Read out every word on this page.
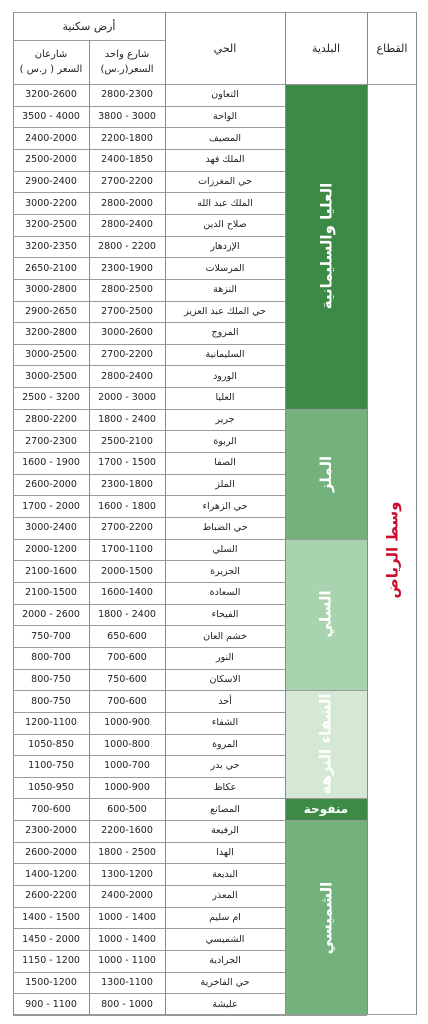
القطاع
البلدية
الحي
أرض سكنية
شارع واحد
السعر(ر.س)
شارعان
السعر ( ر.س )
العليا والسليمانية
الملز
السلي
الشفاء النزهة
منفوحة
الشميسي
التعاون
2800-2300
3200-2600
الواحة
3000 - 3800
4000 - 3500
المصيف
2200-1800
2400-2000
الملك فهد
2400-1850
2500-2000
حي المغرزات
2700-2200
2900-2400
الملك عبد الله
2800-2000
3000-2200
صلاح الدين
2800-2400
3200-2500
الإزدهار
2200 - 2800
3200-2350
المرسلات
2300-1900
2650-2100
النزهة
2800-2500
3000-2800
حي الملك عبد العزيز
2700-2500
2900-2650
المروج
3000-2600
3200-2800
السليمانية
2700-2200
3000-2500
الورود
2800-2400
3000-2500
العليا
3000 - 2000
3200 - 2500
جرير
2400 - 1800
2800-2200
الربوة
2500-2100
2700-2300
الصفا
1500 - 1700
1900 - 1600
الملز
2300-1800
2600-2000
حي الزهراء
1800 - 1600
2000 - 1700
حي الضباط
2700-2200
3000-2400
السلي
1700-1100
2000-1200
الجزيرة
2000-1500
2100-1600
السعادة
1600-1400
2100-1500
الفيحاء
2400 - 1800
2600 - 2000
خشم العان
650-600
750-700
النور
700-600
800-700
الاسكان
750-600
800-750
أحد
700-600
800-750
الشفاء
1000-900
1200-1100
المروة
1000-800
1050-850
حي بدر
1000-700
1100-750
عكاظ
1000-900
1050-950
المصانع
600-500
700-600
الرفيعة
2200-1600
2300-2000
الهدا
2500 - 1800
2600-2000
البديعة
1300-1200
1400-1200
المعذر
2400-2000
2600-2200
ام سليم
1400 - 1000
1500 - 1400
الشميسي
1400 - 1000
2000 - 1450
الجرادية
1100 - 1000
1200 - 1150
حي الفاخرية
1300-1100
1500-1200
عليشة
1000 - 800
1100 - 900
وسط الرياض
